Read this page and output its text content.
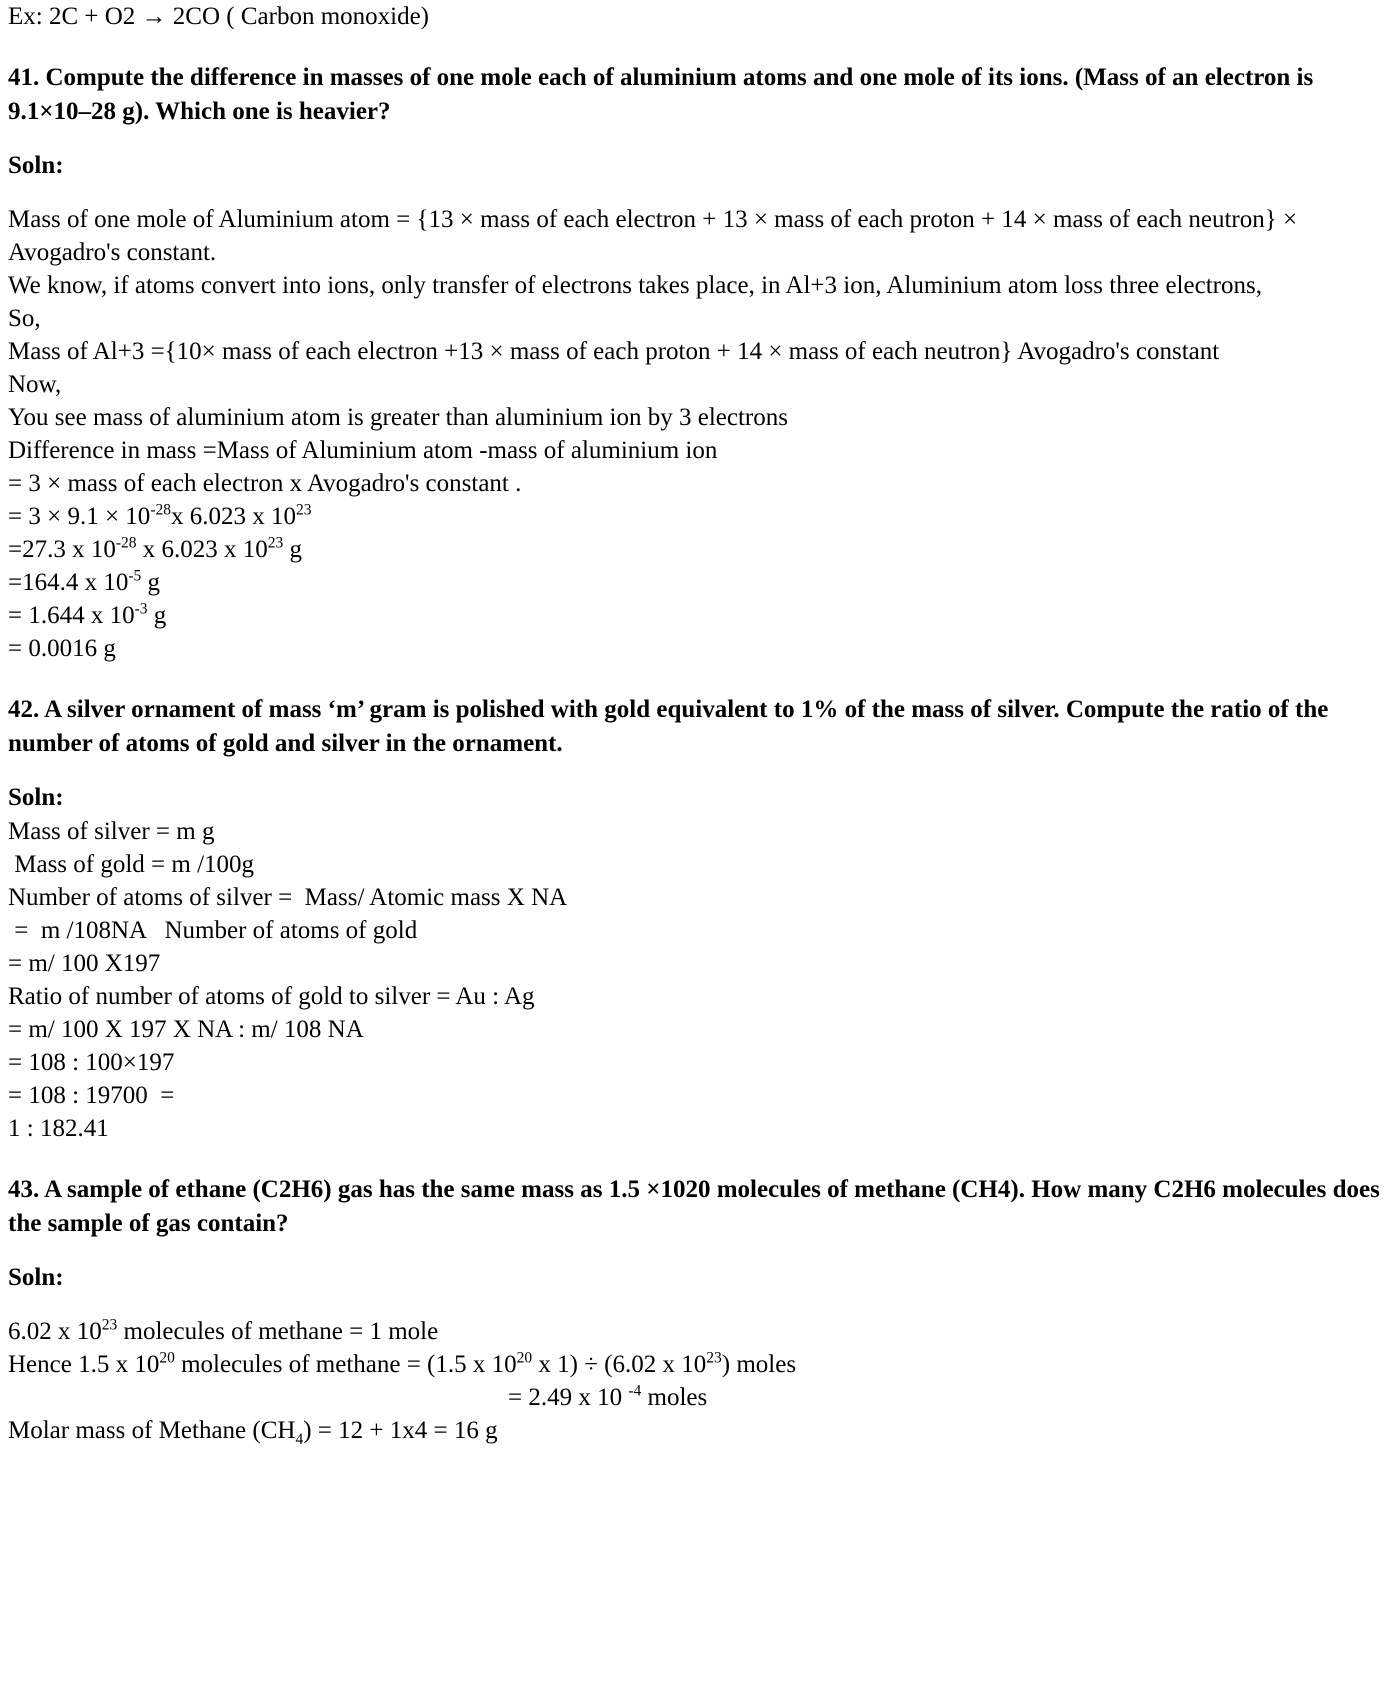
Ex: 2C + O2 → 2CO ( Carbon monoxide)
41. Compute the difference in masses of one mole each of aluminium atoms and one mole of its ions. (Mass of an electron is 9.1×10–28 g). Which one is heavier?
Soln:
Mass of one mole of Aluminium atom = {13 × mass of each electron + 13 × mass of each proton + 14 × mass of each neutron} × Avogadro's constant.
We know, if atoms convert into ions, only transfer of electrons takes place, in Al+3 ion, Aluminium atom loss three electrons,
So,
Mass of Al+3 ={10× mass of each electron +13 × mass of each proton + 14 × mass of each neutron} Avogadro's constant
Now,
You see mass of aluminium atom is greater than aluminium ion by 3 electrons
Difference in mass =Mass of Aluminium atom -mass of aluminium ion
= 3 × mass of each electron x Avogadro's constant .
= $3 \times 9.1 \times 10^{-28}x$ 6.023 x $10^{23}$
=27.3 x $10^{-28}$ x 6.023 x $10^{23}$ g
=164.4 x $10^{-5}$ g
= 1.644 x $10^{-3}$ g
= 0.0016 g
42. A silver ornament of mass ‘m’ gram is polished with gold equivalent to 1% of the mass of silver. Compute the ratio of the number of atoms of gold and silver in the ornament.
Soln:
Mass of silver = m g
Mass of gold = m /100g
Number of atoms of silver =  Mass/ Atomic mass X NA
=  m /108NA   Number of atoms of gold
= m/ 100 X197
Ratio of number of atoms of gold to silver = Au : Ag
= m/ 100 X 197 X NA : m/ 108 NA
= 108 : 100×197
= 108 : 19700  =
1 : 182.41
43. A sample of ethane (C2H6) gas has the same mass as 1.5 ×1020 molecules of methane (CH4). How many C2H6 molecules does the sample of gas contain?
Soln:
6.02 x $10^{23}$ molecules of methane = 1 mole
Hence 1.5 x $10^{20}$ molecules of methane = (1.5 x $10^{20}$ x 1) ÷ (6.02 x $10^{23}$) moles
= 2.49 x 10 $^{-4}$ moles
Molar mass of Methane $(CH_4) = 12 + 1x4 = 16$ g
